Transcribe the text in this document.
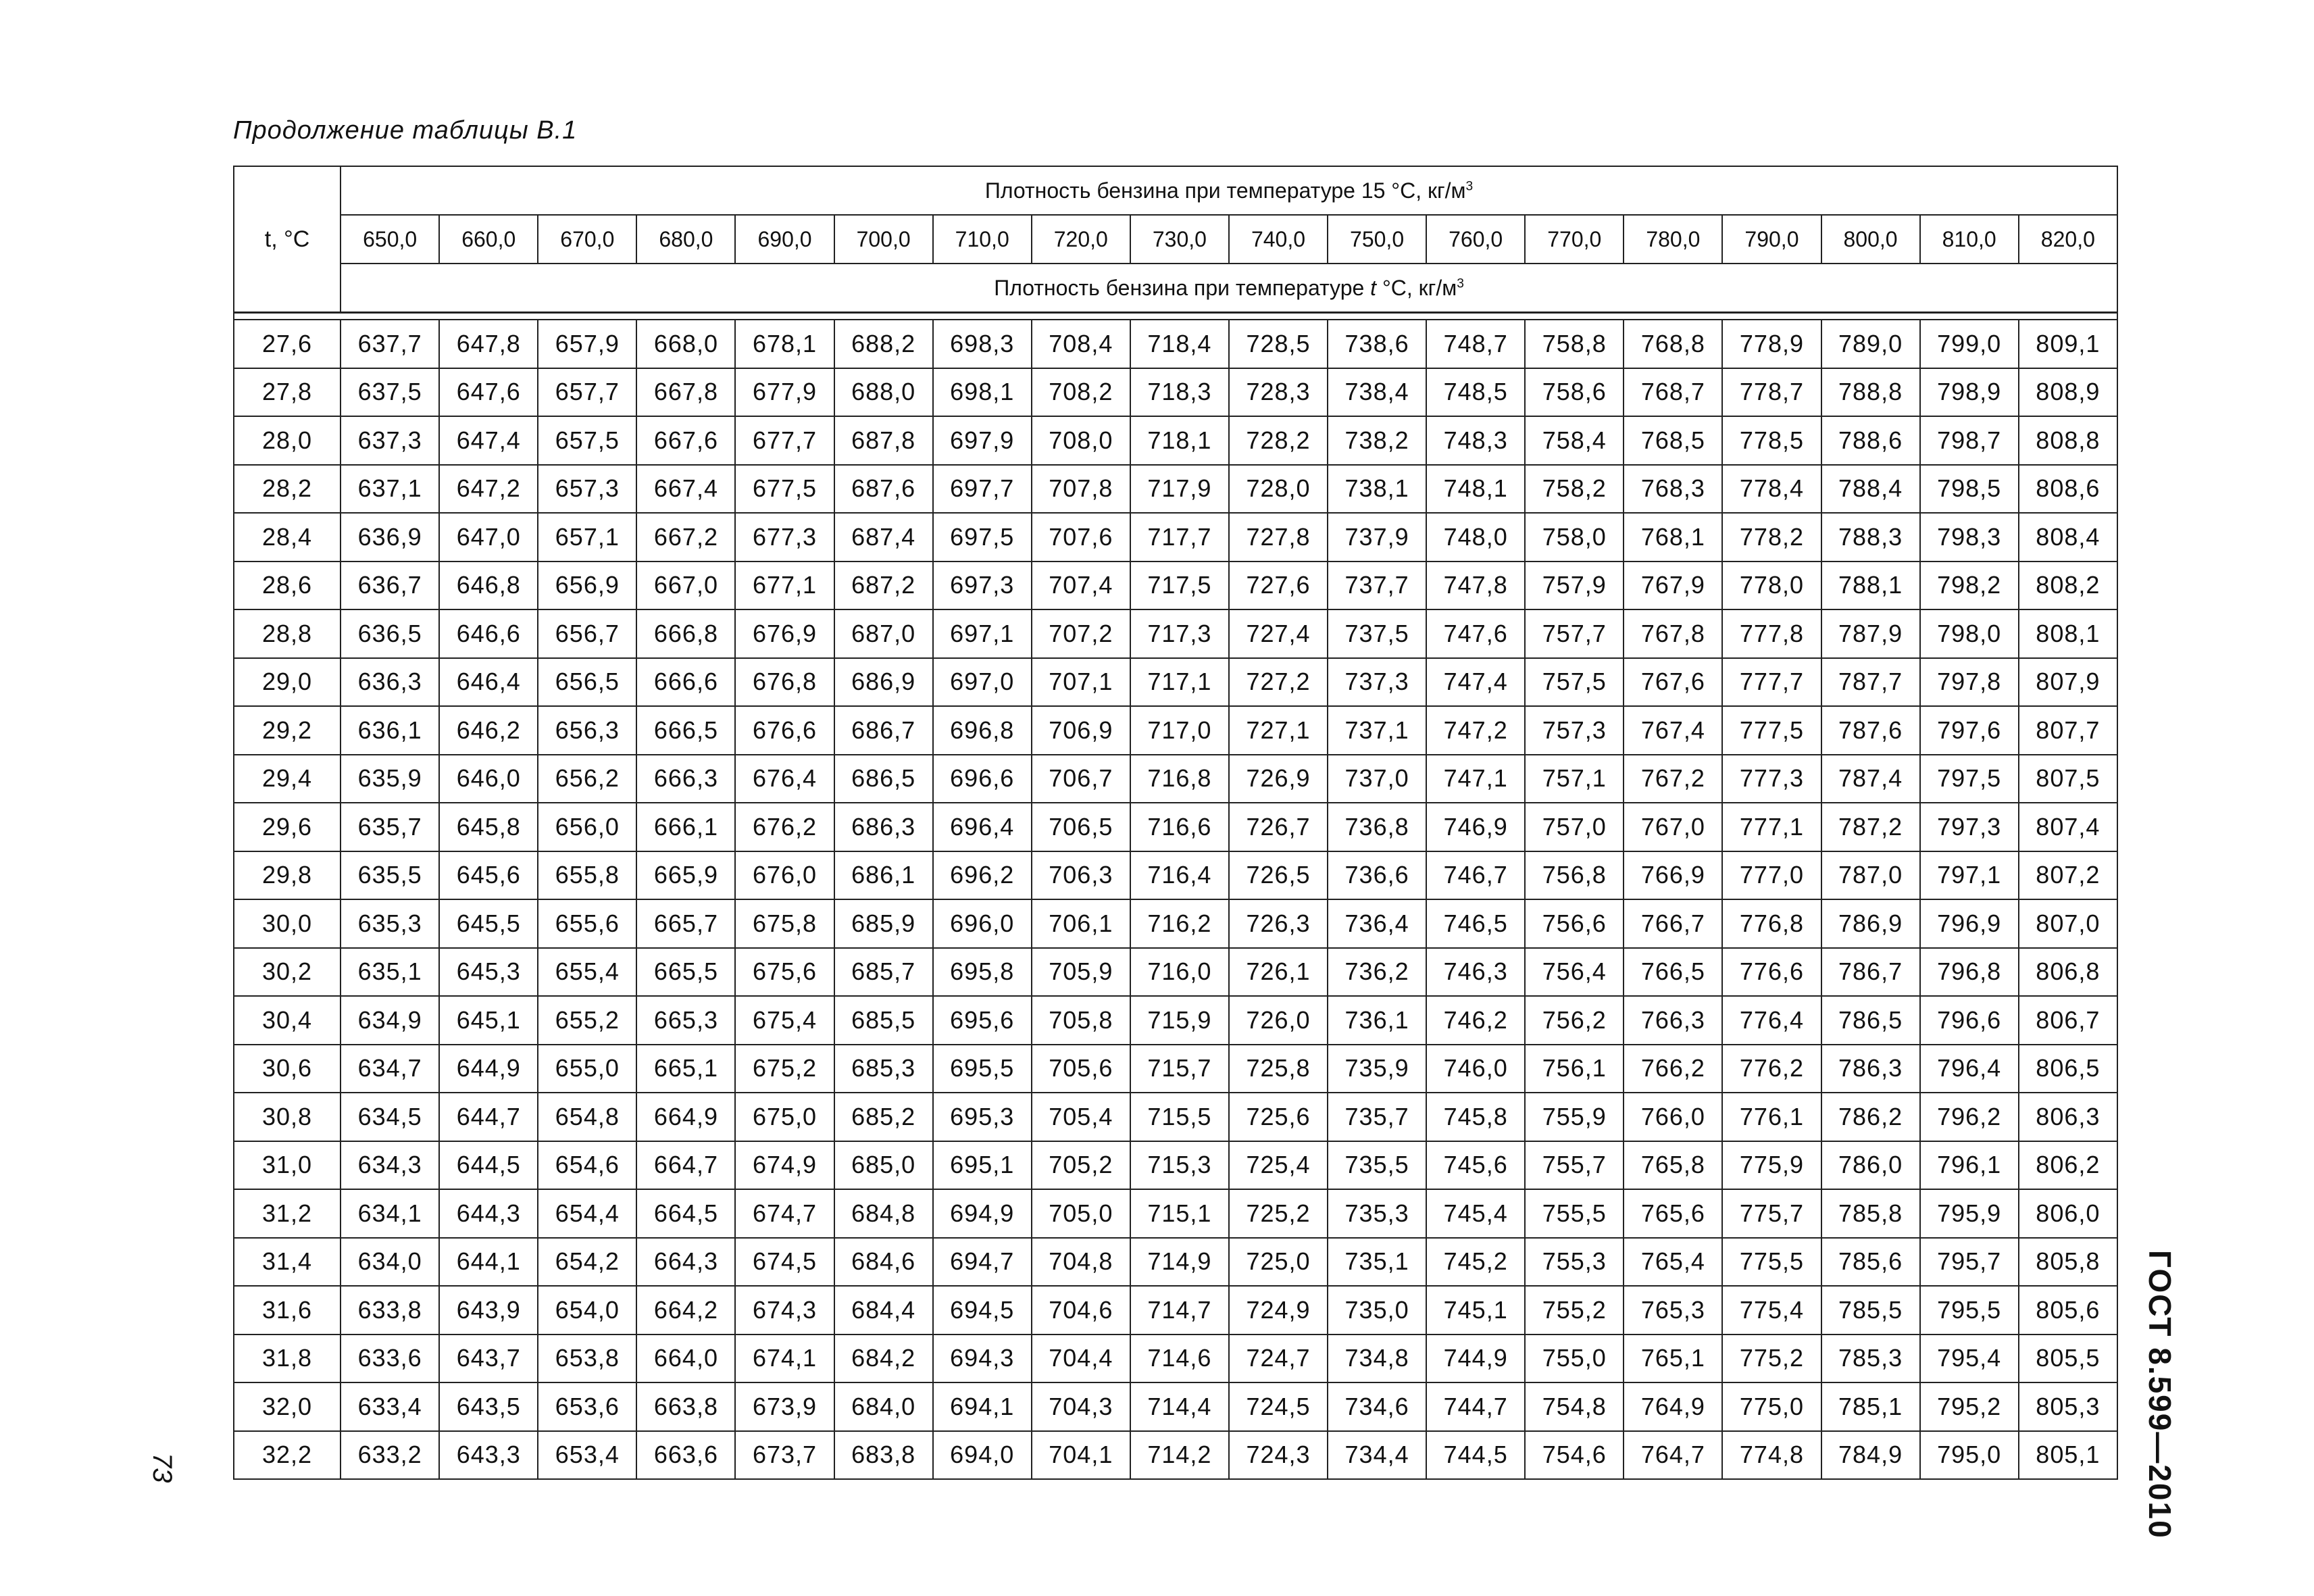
Продолжение таблицы В.1
t, °C	Плотность бензина при температуре 15 °C, $кг/м^3$
	650,0	660,0	670,0	680,0	690,0	700,0	710,0	720,0	730,0	740,0	750,0	760,0	770,0	780,0	790,0	800,0	810,0	820,0
	Плотность бензина при температуре t °C, $кг/м^3$

27,6	637,7	647,8	657,9	668,0	678,1	688,2	698,3	708,4	718,4	728,5	738,6	748,7	758,8	768,8	778,9	789,0	799,0	809,1
27,8	637,5	647,6	657,7	667,8	677,9	688,0	698,1	708,2	718,3	728,3	738,4	748,5	758,6	768,7	778,7	788,8	798,9	808,9
28,0	637,3	647,4	657,5	667,6	677,7	687,8	697,9	708,0	718,1	728,2	738,2	748,3	758,4	768,5	778,5	788,6	798,7	808,8
28,2	637,1	647,2	657,3	667,4	677,5	687,6	697,7	707,8	717,9	728,0	738,1	748,1	758,2	768,3	778,4	788,4	798,5	808,6
28,4	636,9	647,0	657,1	667,2	677,3	687,4	697,5	707,6	717,7	727,8	737,9	748,0	758,0	768,1	778,2	788,3	798,3	808,4
28,6	636,7	646,8	656,9	667,0	677,1	687,2	697,3	707,4	717,5	727,6	737,7	747,8	757,9	767,9	778,0	788,1	798,2	808,2
28,8	636,5	646,6	656,7	666,8	676,9	687,0	697,1	707,2	717,3	727,4	737,5	747,6	757,7	767,8	777,8	787,9	798,0	808,1
29,0	636,3	646,4	656,5	666,6	676,8	686,9	697,0	707,1	717,1	727,2	737,3	747,4	757,5	767,6	777,7	787,7	797,8	807,9
29,2	636,1	646,2	656,3	666,5	676,6	686,7	696,8	706,9	717,0	727,1	737,1	747,2	757,3	767,4	777,5	787,6	797,6	807,7
29,4	635,9	646,0	656,2	666,3	676,4	686,5	696,6	706,7	716,8	726,9	737,0	747,1	757,1	767,2	777,3	787,4	797,5	807,5
29,6	635,7	645,8	656,0	666,1	676,2	686,3	696,4	706,5	716,6	726,7	736,8	746,9	757,0	767,0	777,1	787,2	797,3	807,4
29,8	635,5	645,6	655,8	665,9	676,0	686,1	696,2	706,3	716,4	726,5	736,6	746,7	756,8	766,9	777,0	787,0	797,1	807,2
30,0	635,3	645,5	655,6	665,7	675,8	685,9	696,0	706,1	716,2	726,3	736,4	746,5	756,6	766,7	776,8	786,9	796,9	807,0
30,2	635,1	645,3	655,4	665,5	675,6	685,7	695,8	705,9	716,0	726,1	736,2	746,3	756,4	766,5	776,6	786,7	796,8	806,8
30,4	634,9	645,1	655,2	665,3	675,4	685,5	695,6	705,8	715,9	726,0	736,1	746,2	756,2	766,3	776,4	786,5	796,6	806,7
30,6	634,7	644,9	655,0	665,1	675,2	685,3	695,5	705,6	715,7	725,8	735,9	746,0	756,1	766,2	776,2	786,3	796,4	806,5
30,8	634,5	644,7	654,8	664,9	675,0	685,2	695,3	705,4	715,5	725,6	735,7	745,8	755,9	766,0	776,1	786,2	796,2	806,3
31,0	634,3	644,5	654,6	664,7	674,9	685,0	695,1	705,2	715,3	725,4	735,5	745,6	755,7	765,8	775,9	786,0	796,1	806,2
31,2	634,1	644,3	654,4	664,5	674,7	684,8	694,9	705,0	715,1	725,2	735,3	745,4	755,5	765,6	775,7	785,8	795,9	806,0
31,4	634,0	644,1	654,2	664,3	674,5	684,6	694,7	704,8	714,9	725,0	735,1	745,2	755,3	765,4	775,5	785,6	795,7	805,8
31,6	633,8	643,9	654,0	664,2	674,3	684,4	694,5	704,6	714,7	724,9	735,0	745,1	755,2	765,3	775,4	785,5	795,5	805,6
31,8	633,6	643,7	653,8	664,0	674,1	684,2	694,3	704,4	714,6	724,7	734,8	744,9	755,0	765,1	775,2	785,3	795,4	805,5
32,0	633,4	643,5	653,6	663,8	673,9	684,0	694,1	704,3	714,4	724,5	734,6	744,7	754,8	764,9	775,0	785,1	795,2	805,3
32,2	633,2	643,3	653,4	663,6	673,7	683,8	694,0	704,1	714,2	724,3	734,4	744,5	754,6	764,7	774,8	784,9	795,0	805,1 ГОСТ 8.599—2010
73
